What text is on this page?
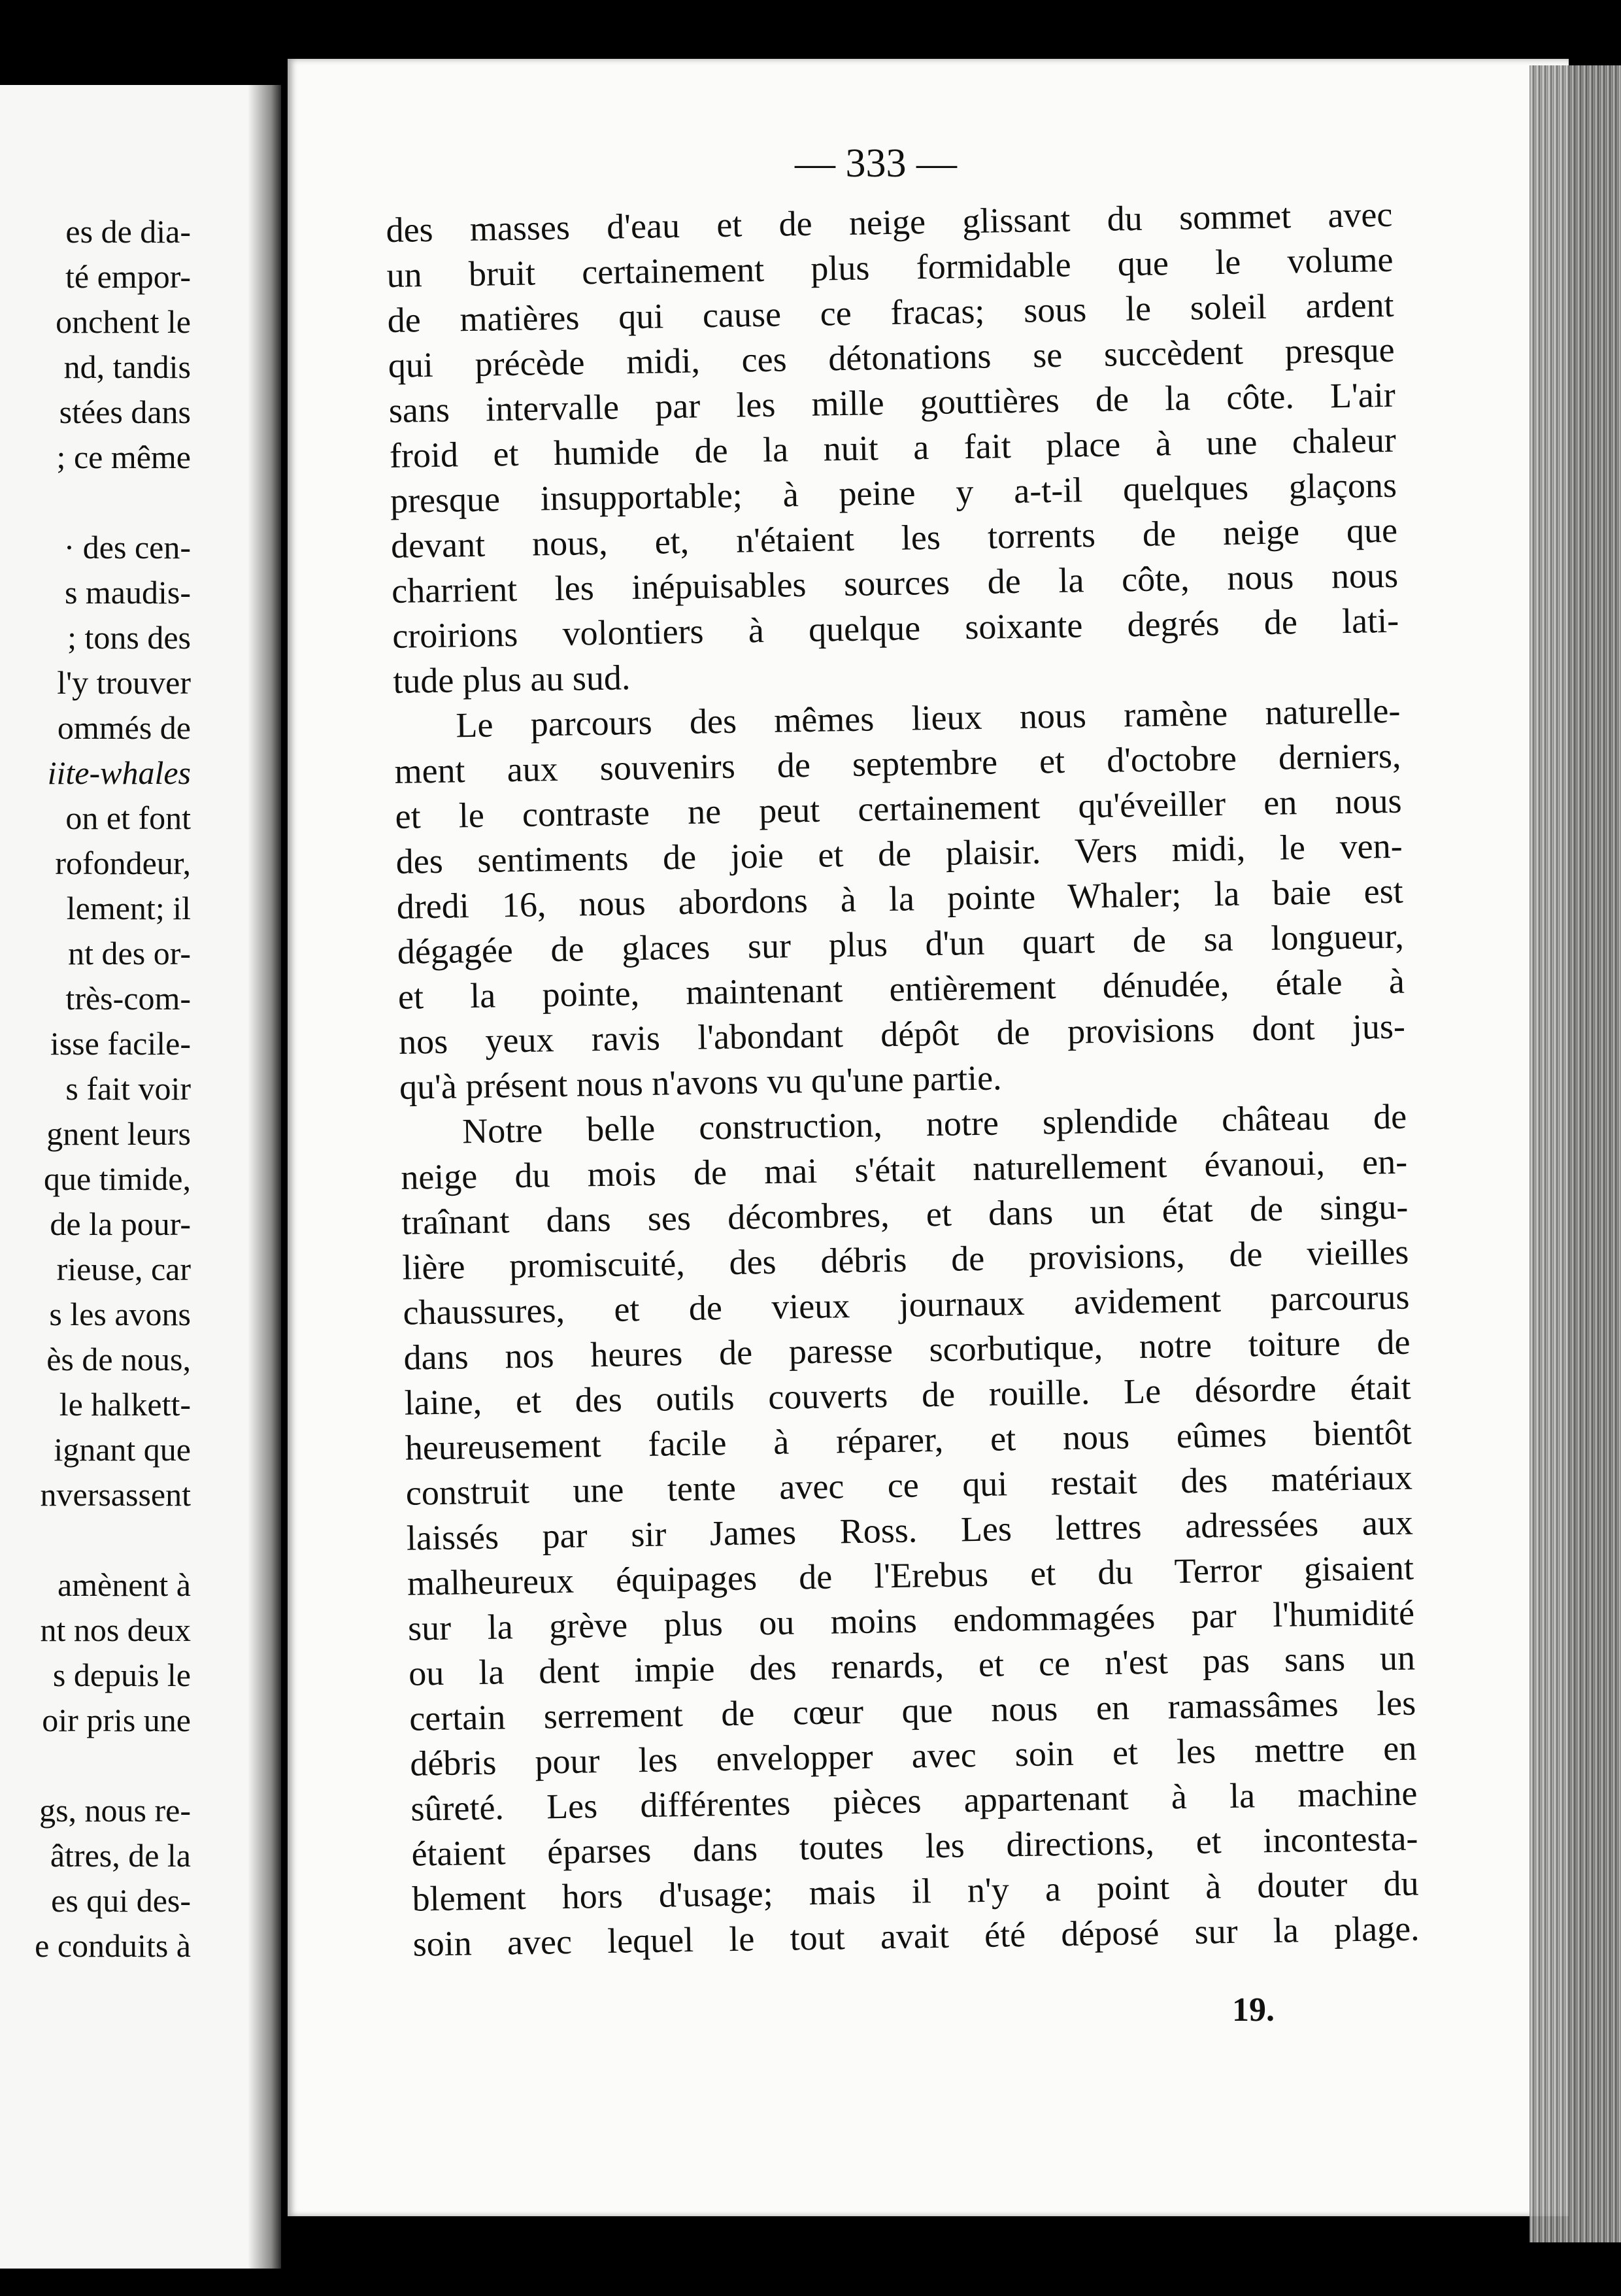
es de dia-
té empor-
onchent le
nd, tandis
stées dans
; ce même
· des cen-
s maudis-
; tons des
l'y trouver
ommés de
iite-whales
on et font
rofondeur,
lement; il
nt des or-
très-com-
isse facile-
s fait voir
gnent leurs
que timide,
de la pour-
rieuse, car
s les avons
ès de nous,
le halkett-
ignant que
nversassent
amènent à
nt nos deux
s depuis le
oir pris une
gs, nous re-
âtres, de la
es qui des-
e conduits à
— 333 —
des masses d'eau et de neige glissant du sommet avec
un bruit certainement plus formidable que le volume
de matières qui cause ce fracas; sous le soleil ardent
qui précède midi, ces détonations se succèdent presque
sans intervalle par les mille gouttières de la côte. L'air
froid et humide de la nuit a fait place à une chaleur
presque insupportable; à peine y a-t-il quelques glaçons
devant nous, et, n'étaient les torrents de neige que
charrient les inépuisables sources de la côte, nous nous
croirions volontiers à quelque soixante degrés de lati-
tude plus au sud.
Le parcours des mêmes lieux nous ramène naturelle-
ment aux souvenirs de septembre et d'octobre derniers,
et le contraste ne peut certainement qu'éveiller en nous
des sentiments de joie et de plaisir. Vers midi, le ven-
dredi 16, nous abordons à la pointe Whaler; la baie est
dégagée de glaces sur plus d'un quart de sa longueur,
et la pointe, maintenant entièrement dénudée, étale à
nos yeux ravis l'abondant dépôt de provisions dont jus-
qu'à présent nous n'avons vu qu'une partie.
Notre belle construction, notre splendide château de
neige du mois de mai s'était naturellement évanoui, en-
traînant dans ses décombres, et dans un état de singu-
lière promiscuité, des débris de provisions, de vieilles
chaussures, et de vieux journaux avidement parcourus
dans nos heures de paresse scorbutique, notre toiture de
laine, et des outils couverts de rouille. Le désordre était
heureusement facile à réparer, et nous eûmes bientôt
construit une tente avec ce qui restait des matériaux
laissés par sir James Ross. Les lettres adressées aux
malheureux équipages de l'Erebus et du Terror gisaient
sur la grève plus ou moins endommagées par l'humidité
ou la dent impie des renards, et ce n'est pas sans un
certain serrement de cœur que nous en ramassâmes les
débris pour les envelopper avec soin et les mettre en
sûreté. Les différentes pièces appartenant à la machine
étaient éparses dans toutes les directions, et incontesta-
blement hors d'usage; mais il n'y a point à douter du
soin avec lequel le tout avait été déposé sur la plage.
19.
